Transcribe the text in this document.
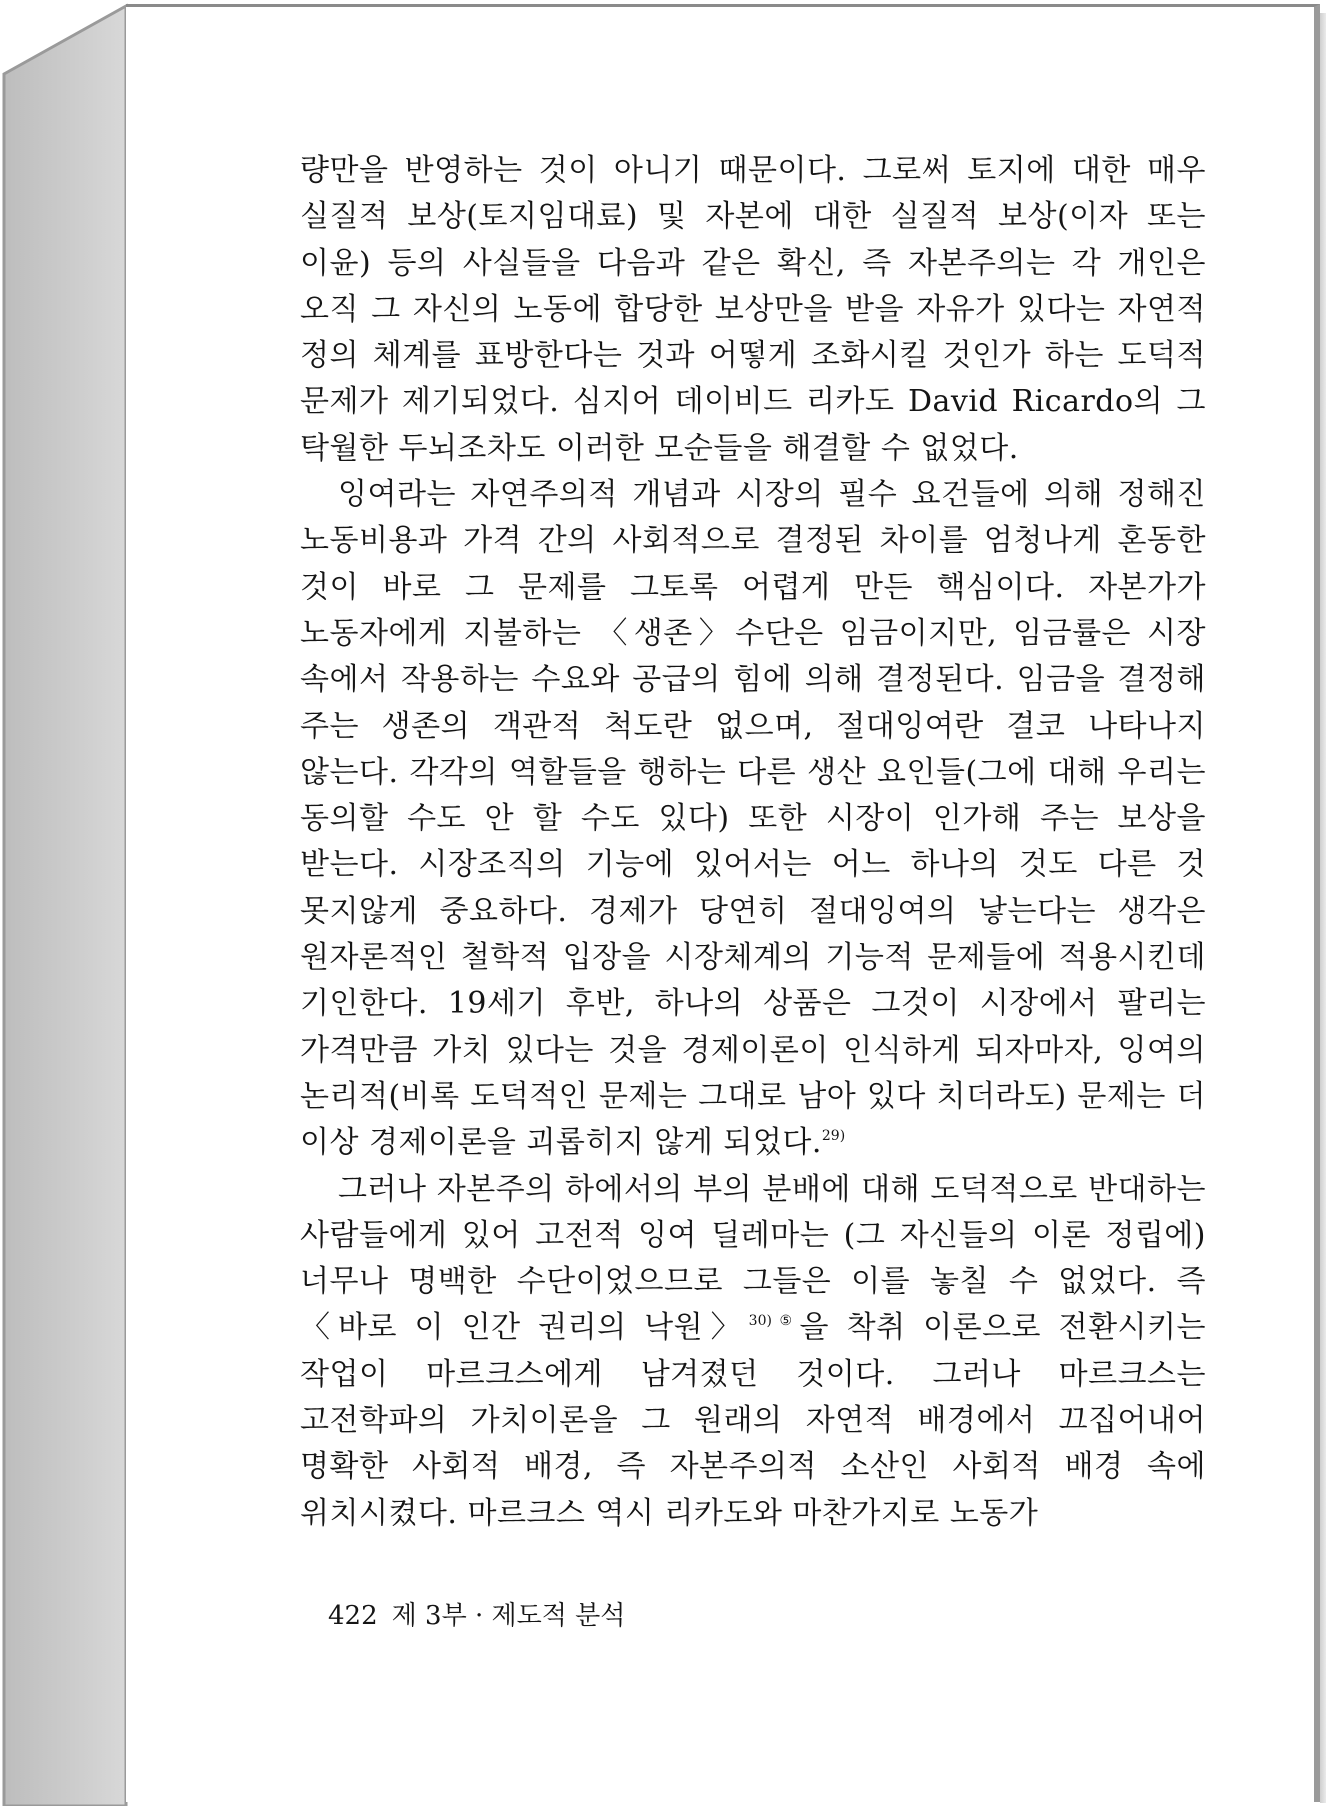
량만을 반영하는 것이 아니기 때문이다. 그로써 토지에 대한 매우 실질적 보상(토지임대료) 및 자본에 대한 실질적 보상(이자 또는 이윤) 등의 사실들을 다음과 같은 확신, 즉 자본주의는 각 개인은 오직 그 자신의 노동에 합당한 보상만을 받을 자유가 있다는 자연적 정의 체계를 표방한다는 것과 어떻게 조화시킬 것인가 하는 도덕적 문제가 제기되었다. 심지어 데이비드 리카도 David Ricardo의 그 탁월한 두뇌조차도 이러한 모순들을 해결할 수 없었다.

잉여라는 자연주의적 개념과 시장의 필수 요건들에 의해 정해진 노동비용과 가격 간의 사회적으로 결정된 차이를 엄청나게 혼동한 것이 바로 그 문제를 그토록 어렵게 만든 핵심이다. 자본가가 노동자에게 지불하는 〈생존〉수단은 임금이지만, 임금률은 시장 속에서 작용하는 수요와 공급의 힘에 의해 결정된다. 임금을 결정해 주는 생존의 객관적 척도란 없으며, 절대잉여란 결코 나타나지 않는다. 각각의 역할들을 행하는 다른 생산 요인들(그에 대해 우리는 동의할 수도 안 할 수도 있다) 또한 시장이 인가해 주는 보상을 받는다. 시장조직의 기능에 있어서는 어느 하나의 것도 다른 것 못지않게 중요하다. 경제가 당연히 절대잉여의 낳는다는 생각은 원자론적인 철학적 입장을 시장체계의 기능적 문제들에 적용시킨데 기인한다. 19세기 후반, 하나의 상품은 그것이 시장에서 팔리는 가격만큼 가치 있다는 것을 경제이론이 인식하게 되자마자, 잉여의 논리적(비록 도덕적인 문제는 그대로 남아 있다 치더라도) 문제는 더 이상 경제이론을 괴롭히지 않게 되었다.$^{29)}$

그러나 자본주의 하에서의 부의 분배에 대해 도덕적으로 반대하는 사람들에게 있어 고전적 잉여 딜레마는 (그 자신들의 이론 정립에) 너무나 명백한 수단이었으므로 그들은 이를 놓칠 수 없었다. 즉 〈바로 이 인간 권리의 낙원〉$^{30)⑤}$을 착취 이론으로 전환시키는 작업이 마르크스에게 남겨졌던 것이다. 그러나 마르크스는 고전학파의 가치이론을 그 원래의 자연적 배경에서 끄집어내어 명확한 사회적 배경, 즉 자본주의적 소산인 사회적 배경 속에 위치시켰다. 마르크스 역시 리카도와 마찬가지로 노동가

422 제 3부 · 제도적 분석
